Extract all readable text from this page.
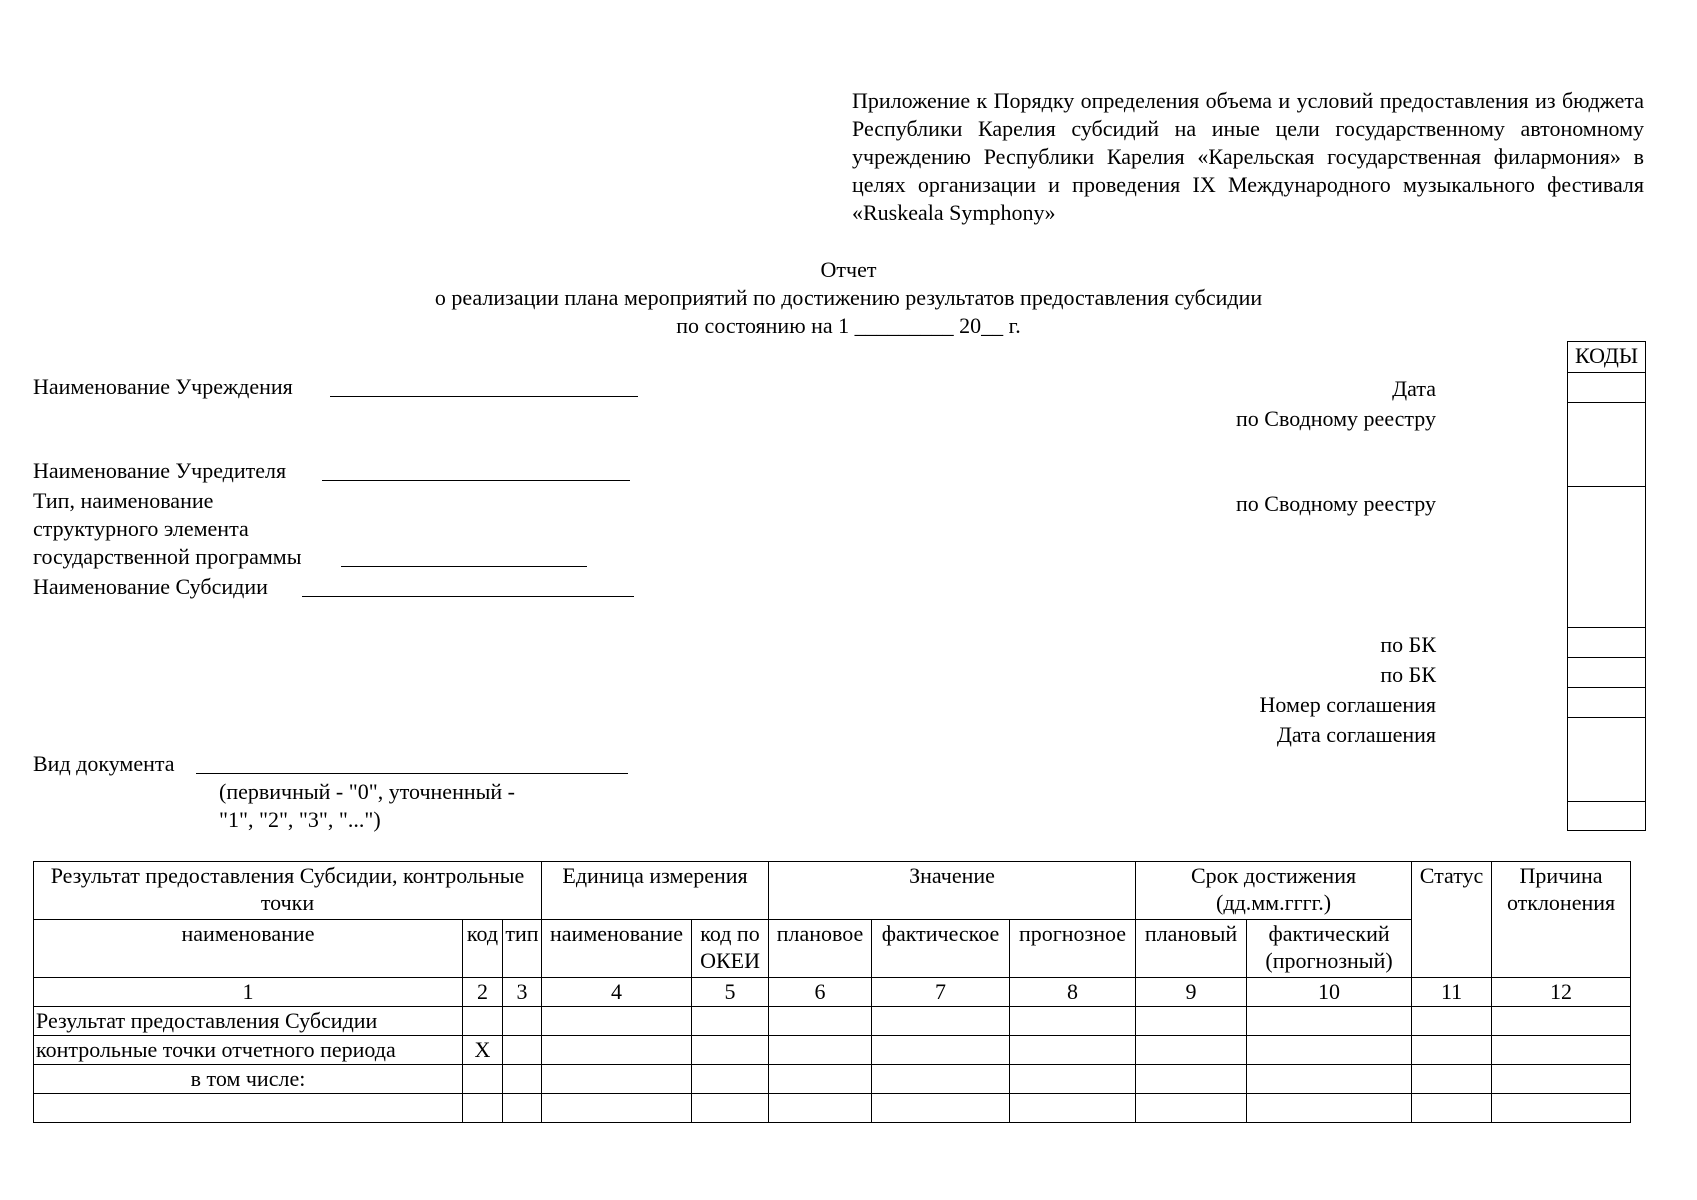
Приложение к Порядку определения объема и условий предоставления из бюджета Республики Карелия субсидий на иные цели государственному автономному учреждению Республики Карелия «Карельская государственная филармония» в целях организации и проведения IX Международного музыкального фестиваля «Ruskeala Symphony»
Отчет
о реализации плана мероприятий по достижению результатов предоставления субсидии
по состоянию на 1 _________ 20__ г.
Наименование Учреждения
Наименование Учредителя
Тип, наименование
структурного элемента
государственной программы
Наименование Субсидии
Вид документа
(первичный - "0", уточненный -
"1", "2", "3", "...")
Дата
по Сводному реестру
по Сводному реестру
по БК
по БК
Номер соглашения
Дата соглашения
КОДЫ
Результат предоставления Субсидии, контрольные точки			Единица измерения		Значение			Срок достижения (дд.мм.гггг.)		Статус	Причина отклонения
наименование	код	тип	наименование	код по ОКЕИ	плановое	фактическое	прогнозное	плановый	фактический (прогнозный)		
1	2	3	4	5	6	7	8	9	10	11	12
Результат предоставления Субсидии											
контрольные точки отчетного периода	X										
в том числе:											
